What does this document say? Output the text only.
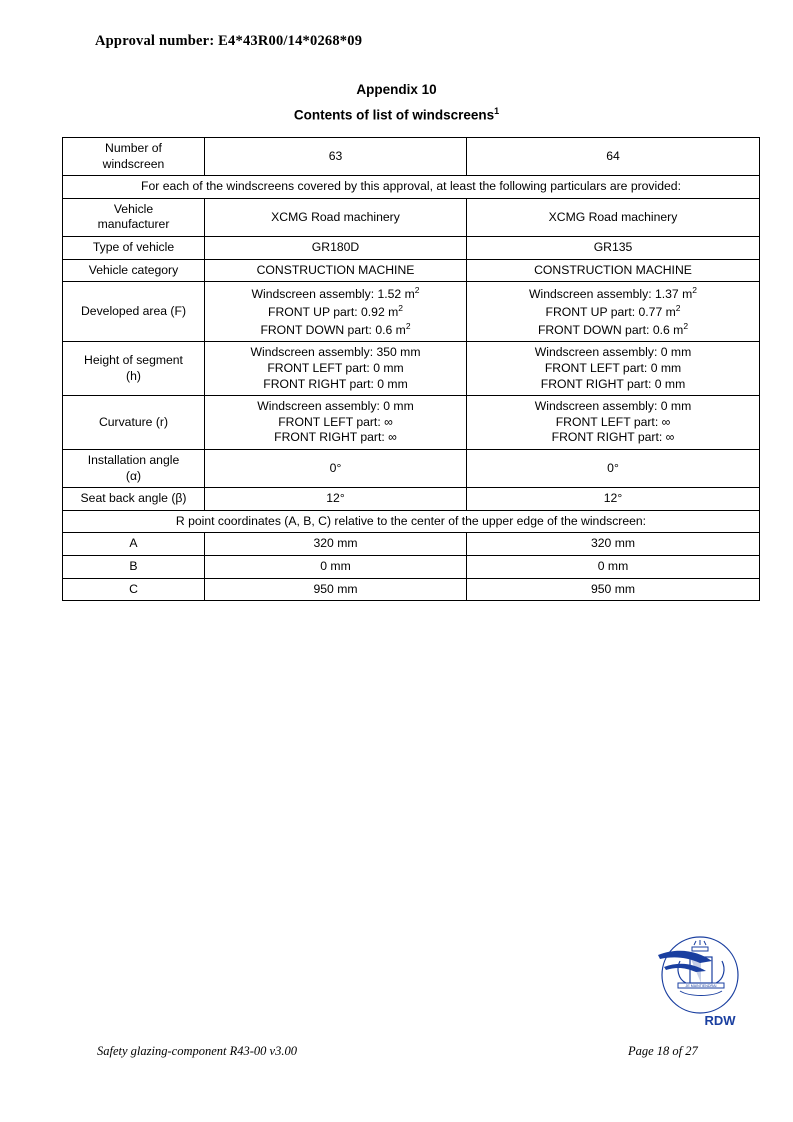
Approval number: E4*43R00/14*0268*09
Appendix 10
Contents of list of windscreens$^1$
Number of
windscreen	63	64
For each of the windscreens covered by this approval, at least the following particulars are provided:		

Vehicle
manufacturer	XCMG Road machinery	XCMG Road machinery
Type of vehicle	GR180D	GR135
Vehicle category	CONSTRUCTION MACHINE	CONSTRUCTION MACHINE
Developed area (F)	Windscreen assembly: 1.52 $m^2$
FRONT UP part: 0.92 $m^2$
FRONT DOWN part: 0.6 $m^2$	Windscreen assembly: 1.37 $m^2$
FRONT UP part: 0.77 $m^2$
FRONT DOWN part: 0.6 $m^2$

Height of segment
(h)	Windscreen assembly: 350 mm
FRONT LEFT part: 0 mm
FRONT RIGHT part: 0 mm	Windscreen assembly: 0 mm
FRONT LEFT part: 0 mm
FRONT RIGHT part: 0 mm

Curvature (r)	Windscreen assembly: 0 mm
FRONT LEFT part: ∞
FRONT RIGHT part: ∞	Windscreen assembly: 0 mm
FRONT LEFT part: ∞
FRONT RIGHT part: ∞

Installation angle
(α)	0°	0°
Seat back angle (β)	12°	12°
R point coordinates (A, B, C) relative to the center of the upper edge of the windscreen:		
A	320 mm	320 mm
B	0 mm	0 mm
C	950 mm	950 mm
JE MAINTIENDRAI
RDW
Safety glazing-component R43-00 v3.00	Page 18 of 27
